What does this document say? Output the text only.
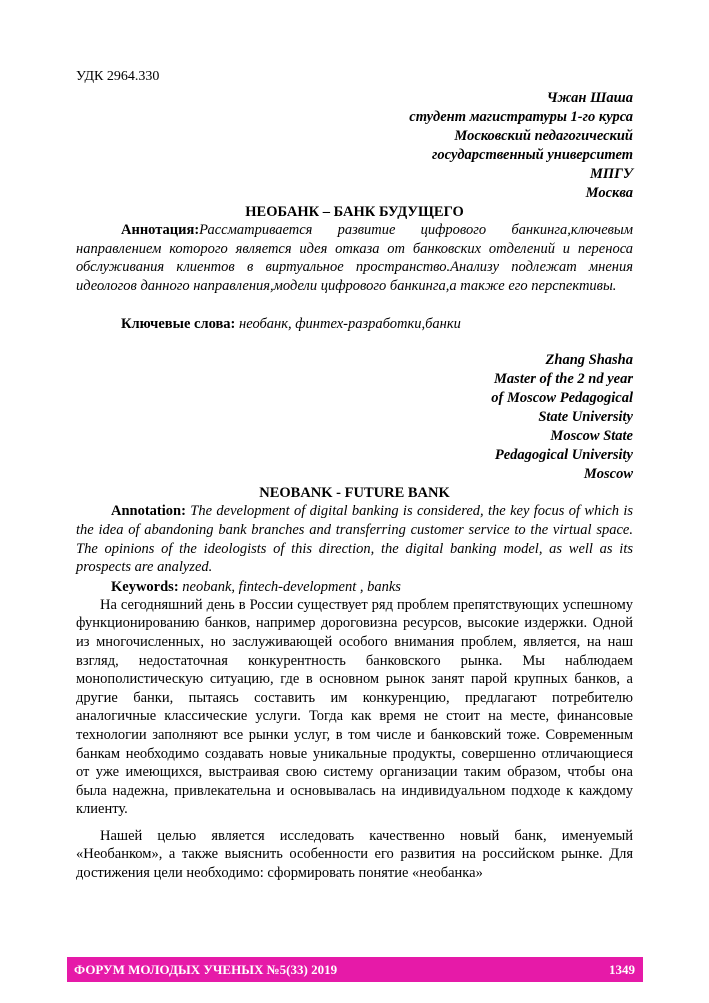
УДК 2964.330
Чжан Шаша
студент магистратуры 1-го курса
Московский педагогический
государственный университет
МПГУ
Москва
НЕОБАНК – БАНК БУДУЩЕГО

Аннотация:Рассматривается развитие цифрового банкинга,ключевым направлением которого является идея отказа от банковских отделений и переноса обслуживания клиентов в виртуальное пространство.Анализу подлежат мнения идеологов данного направления,модели цифрового банкинга,а также его перспективы.

Ключевые слова: необанк, финтех-разработки,банки
Zhang Shasha
Master of the 2 nd year
of Moscow Pedagogical
State University
Moscow State
Pedagogical University
Moscow
NEOBANK - FUTURE BANK

Annotation: The development of digital banking is considered, the key focus of which is the idea of abandoning bank branches and transferring customer service to the virtual space. The opinions of the ideologists of this direction, the digital banking model, as well as its prospects are analyzed.

Keywords: neobank, fintech-development , banks

На сегодняшний день в России существует ряд проблем препятствующих успешному функционированию банков, например дороговизна ресурсов, высокие издержки. Одной из многочисленных, но заслуживающей особого внимания проблем, является, на наш взгляд, недостаточная конкурентность банковского рынка. Мы наблюдаем монополистическую ситуацию, где в основном рынок занят парой крупных банков, а другие банки, пытаясь составить им конкуренцию, предлагают потребителю аналогичные классические услуги. Тогда как время не стоит на месте, финансовые технологии заполняют все рынки услуг, в том числе и банковский тоже. Современным банкам необходимо создавать новые уникальные продукты, совершенно отличающиеся от уже имеющихся, выстраивая свою систему организации таким образом, чтобы она была надежна, привлекательна и основывалась на индивидуальном подходе к каждому клиенту.

Нашей целью является исследовать качественно новый банк, именуемый «Необанком», а также выяснить особенности его развития на российском рынке. Для достижения цели необходимо: сформировать понятие «необанка»

ФОРУМ МОЛОДЫХ УЧЕНЫХ №5(33) 2019	1349
